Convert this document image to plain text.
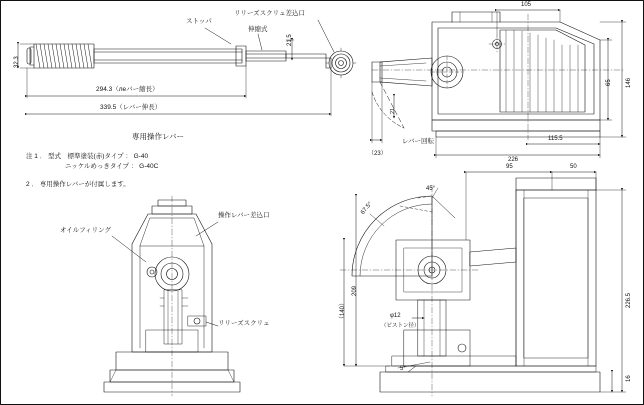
ストッパ
伸縮式
リリーズスクリュ差込口
294.3（леバー縮長）
339.5（レバー伸長）
32.3
21.5
専用操作レバー
注 1 ． 型式　標準塗装(赤)タイプ ： G-40
　　　　　　ニッケルめっきタイプ ： G-40C
2 ． 専用操作レバーが付属します。
レバー回転
（23）
226
115.5
65 146
105
21
オイルフィリング
操作レバー差込口
リリーズスクリュ
95	50
209
（140）	226.5
16
φ12
（ピストン径）
67.5°
45°
5°
